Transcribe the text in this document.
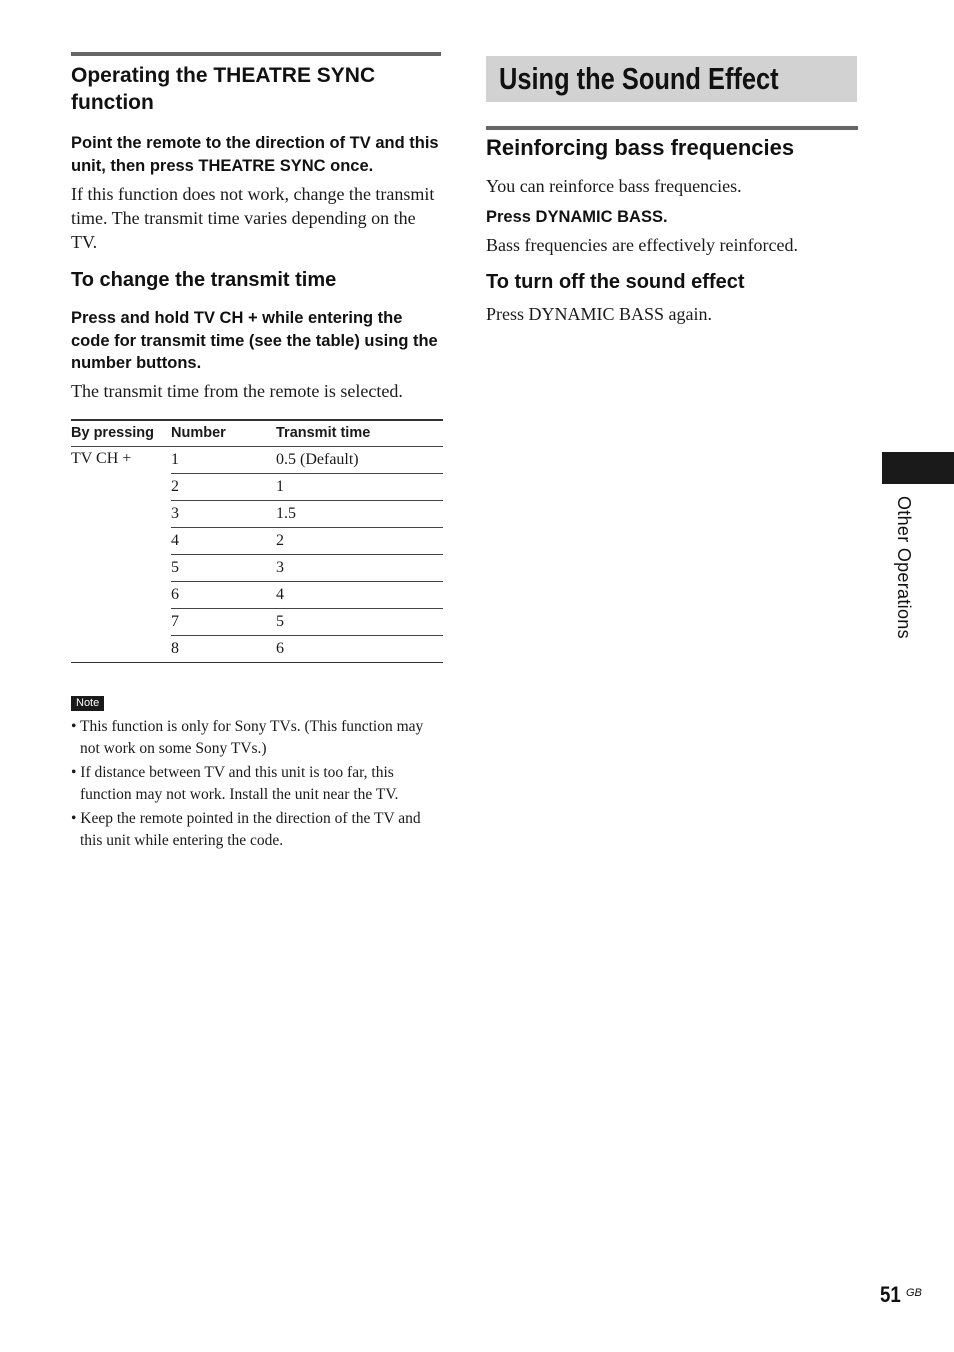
Operating the THEATRE SYNC function

Point the remote to the direction of TV and this unit, then press THEATRE SYNC once.

If this function does not work, change the transmit time. The transmit time varies depending on the TV.

To change the transmit time

Press and hold TV CH + while entering the code for transmit time (see the table) using the number buttons.

The transmit time from the remote is selected.

By pressing	Number	Transmit time
TV CH +	1	0.5 (Default)
	2	1
	3	1.5
	4	2
	5	3
	6	4
	7	5
	8	6
Note
• This function is only for Sony TVs. (This function may not work on some Sony TVs.)
• If distance between TV and this unit is too far, this function may not work. Install the unit near the TV.
• Keep the remote pointed in the direction of the TV and this unit while entering the code.
Using the Sound Effect
Reinforcing bass frequencies

You can reinforce bass frequencies.

Press DYNAMIC BASS.

Bass frequencies are effectively reinforced.

To turn off the sound effect

Press DYNAMIC BASS again.

Other Operations
51 GB
